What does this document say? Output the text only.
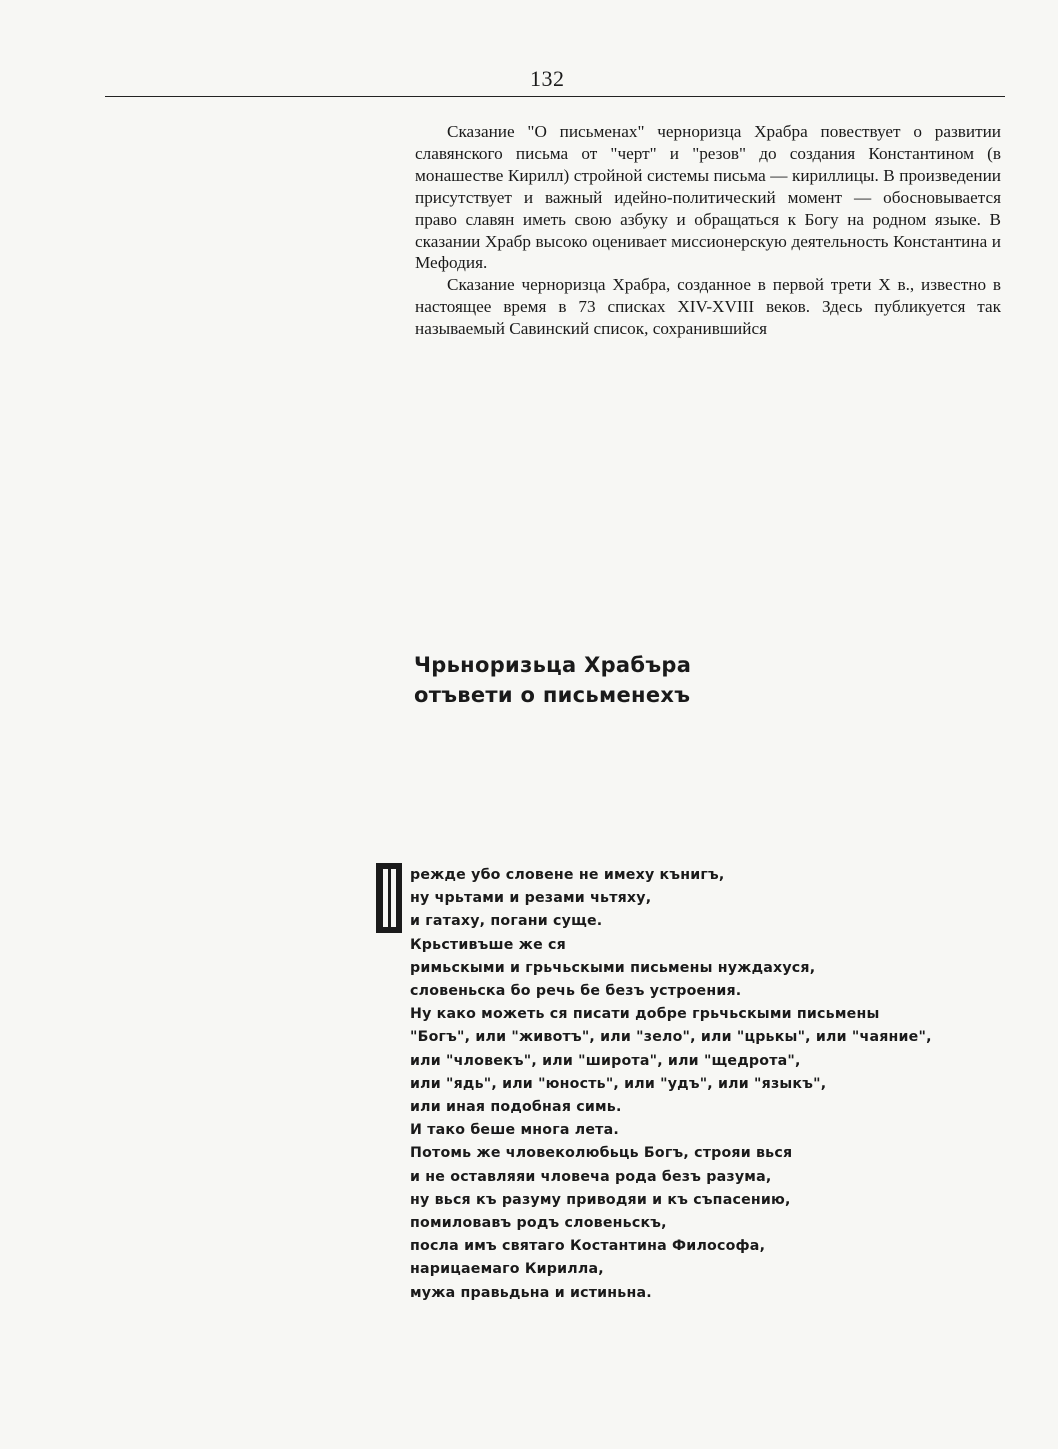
132

Сказание "О письменах" черноризца Храбра повествует о развитии славянского письма от "черт" и "резов" до создания Константином (в монашестве Кирилл) стройной системы письма — кириллицы. В произведении присутствует и важный идейно-политический момент — обосновывается право славян иметь свою азбуку и обращаться к Богу на родном языке. В сказании Храбр высоко оценивает миссионерскую деятельность Константина и Мефодия.

Сказание черноризца Храбра, созданное в первой трети X в., известно в настоящее время в 73 списках XIV-XVIII веков. Здесь публикуется так называемый Савинский список, сохранившийся

Чрьноризьца Храбъра
отъвети о письменехъ
режде убо словене не имеху кънигъ,
ну чрьтами и резами чьтяху,
и гатаху, погани суще.
Крьстивъше же ся
римьскыми и грьчьскыми письмены нуждахуся,
словеньска бо речь бе безъ устроения.
Ну како можеть ся писати добре грьчьскыми письмены
"Богъ", или "животъ", или "зело", или "црькы", или "чаяние",
или "чловекъ", или "широта", или "щедрота",
или "ядь", или "юность", или "удъ", или "языкъ",
или иная подобная симь.
И тако беше многа лета.
Потомь же чловеколюбьць Богъ, строяи вься
и не оставляяи чловеча рода безъ разума,
ну вься къ разуму приводяи и къ съпасению,
помиловавъ родъ словеньскъ,
посла имъ святаго Костантина Философа,
нарицаемаго Кирилла,
мужа правьдьна и истиньна.
